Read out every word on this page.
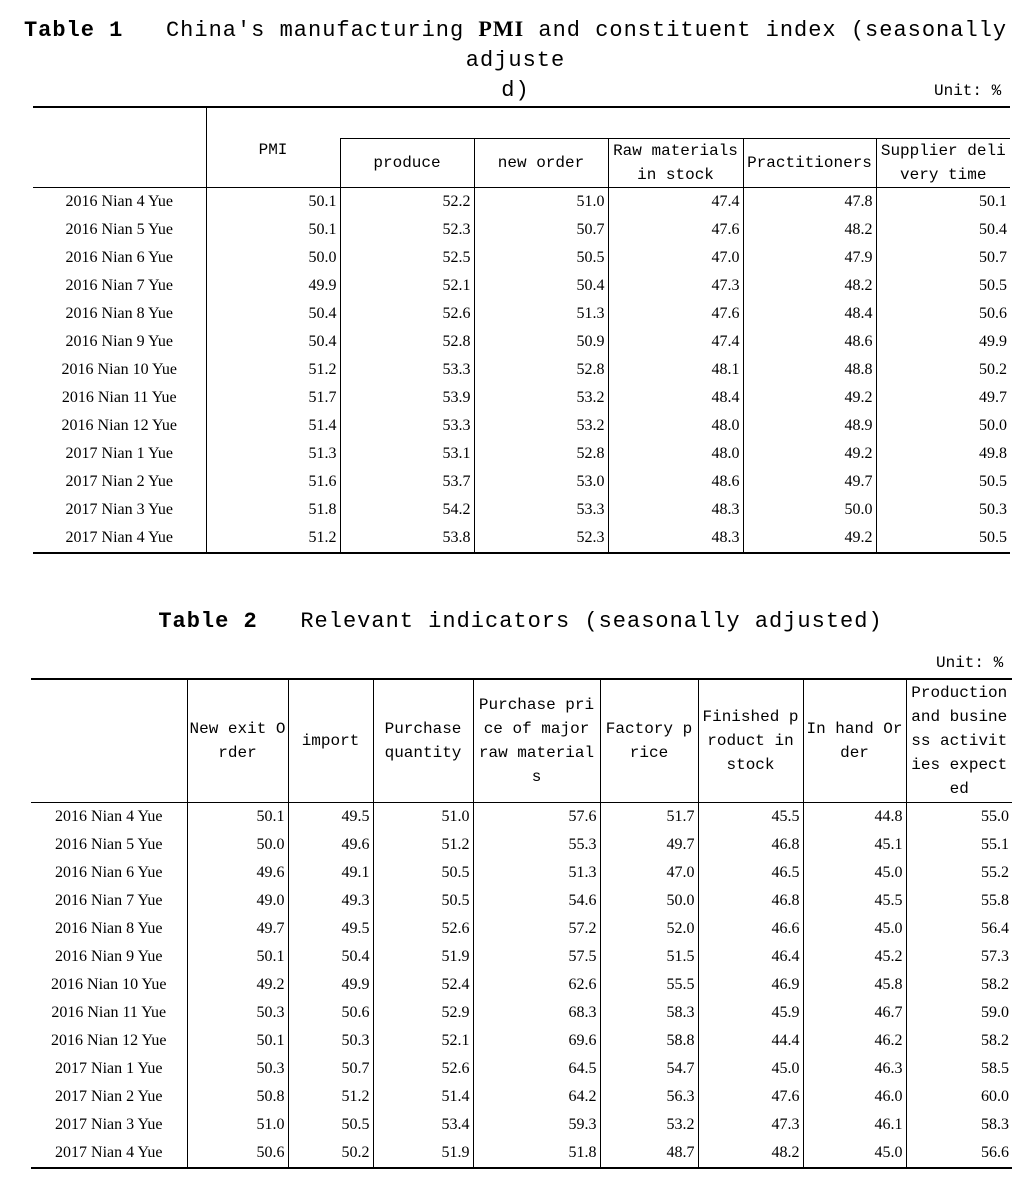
Table 1 China's manufacturing PMI and constituent index (seasonally adjuste
d)	Unit: %
	PMI					
		produce	new order	Raw materials in stock	Practitioners	Supplier deli very time
2016 Nian 4 Yue	50.1	52.2	51.0	47.4	47.8	50.1
2016 Nian 5 Yue	50.1	52.3	50.7	47.6	48.2	50.4
2016 Nian 6 Yue	50.0	52.5	50.5	47.0	47.9	50.7
2016 Nian 7 Yue	49.9	52.1	50.4	47.3	48.2	50.5
2016 Nian 8 Yue	50.4	52.6	51.3	47.6	48.4	50.6
2016 Nian 9 Yue	50.4	52.8	50.9	47.4	48.6	49.9
2016 Nian 10 Yue	51.2	53.3	52.8	48.1	48.8	50.2
2016 Nian 11 Yue	51.7	53.9	53.2	48.4	49.2	49.7
2016 Nian 12 Yue	51.4	53.3	53.2	48.0	48.9	50.0
2017 Nian 1 Yue	51.3	53.1	52.8	48.0	49.2	49.8
2017 Nian 2 Yue	51.6	53.7	53.0	48.6	49.7	50.5
2017 Nian 3 Yue	51.8	54.2	53.3	48.3	50.0	50.3
2017 Nian 4 Yue	51.2	53.8	52.3	48.3	49.2	50.5
Table 2 Relevant indicators (seasonally adjusted)
Unit: %
	New exit Order	import	Purchase quantity	Purchase price of major raw materials	Factory price	Finished product in stock	In hand Order	Production and business activities expected
2016 Nian 4 Yue	50.1	49.5	51.0	57.6	51.7	45.5	44.8	55.0
2016 Nian 5 Yue	50.0	49.6	51.2	55.3	49.7	46.8	45.1	55.1
2016 Nian 6 Yue	49.6	49.1	50.5	51.3	47.0	46.5	45.0	55.2
2016 Nian 7 Yue	49.0	49.3	50.5	54.6	50.0	46.8	45.5	55.8
2016 Nian 8 Yue	49.7	49.5	52.6	57.2	52.0	46.6	45.0	56.4
2016 Nian 9 Yue	50.1	50.4	51.9	57.5	51.5	46.4	45.2	57.3
2016 Nian 10 Yue	49.2	49.9	52.4	62.6	55.5	46.9	45.8	58.2
2016 Nian 11 Yue	50.3	50.6	52.9	68.3	58.3	45.9	46.7	59.0
2016 Nian 12 Yue	50.1	50.3	52.1	69.6	58.8	44.4	46.2	58.2
2017 Nian 1 Yue	50.3	50.7	52.6	64.5	54.7	45.0	46.3	58.5
2017 Nian 2 Yue	50.8	51.2	51.4	64.2	56.3	47.6	46.0	60.0
2017 Nian 3 Yue	51.0	50.5	53.4	59.3	53.2	47.3	46.1	58.3
2017 Nian 4 Yue	50.6	50.2	51.9	51.8	48.7	48.2	45.0	56.6
